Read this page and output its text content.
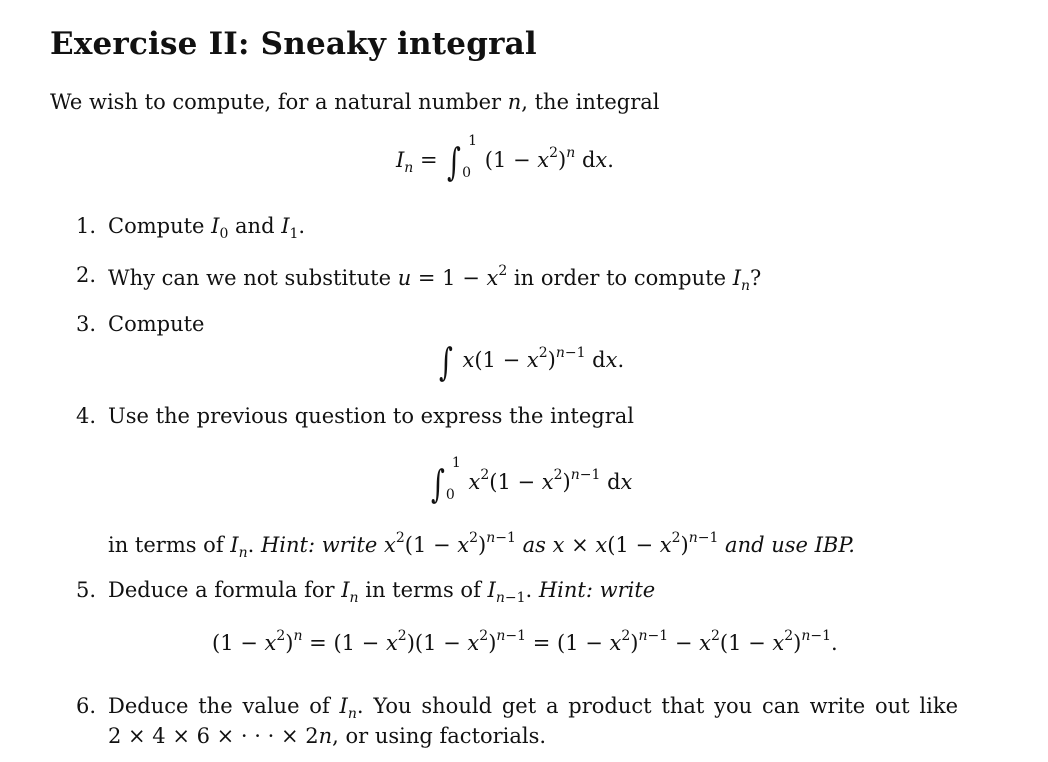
Exercise II: Sneaky integral
We wish to compute, for a natural number n, the integral
$I_n$ = ∫ 1
0
$(1 - x^2)^n$ dx.
1. Compute $I_0$ and $I_1$.
2. Why can we not substitute $u = 1 - x^2$ in order to compute $I_n$?
3. Compute
∫ $x(1 - x^2)^{n-1}$ dx.
4. Use the previous question to express the integral
∫ 1
0
$x^2(1 - x^2)^{n-1}$ dx
in terms of $I_n$. Hint: write $x^2(1 - x^2)^{n-1}$ as $x \times x(1 - x^2)^{n-1}$ and use IBP.
5. Deduce a formula for $I_n$ in terms of $I_{n-1}$. Hint: write
$(1 - x^2)^n = (1 - x^2)(1 - x^2)^{n-1} = (1 - x^2)^{n-1} - x^2(1 - x^2)^{n-1}$.
6. Deduce the value of $I_n$. You should get a product that you can write out like
2 × 4 × 6 × · · · × 2n, or using factorials.
